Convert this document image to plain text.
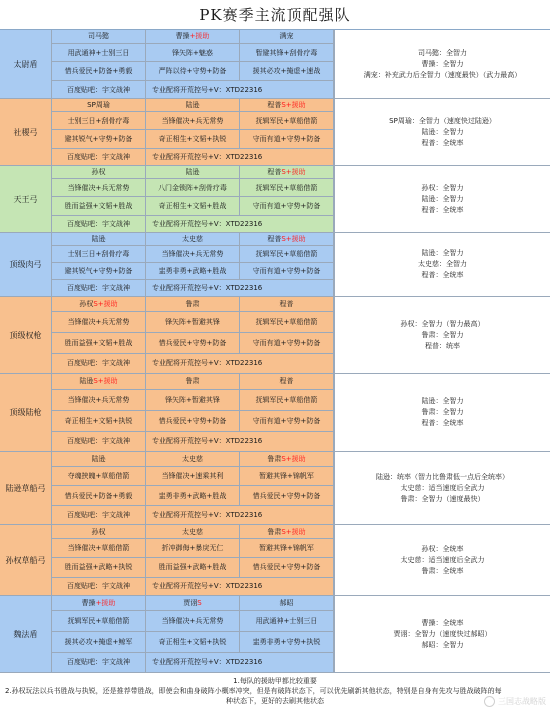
PK赛季主流顶配强队
太尉盾
司马懿	曹操 +援助	满宠
用武通神+士别三日	锋矢阵+魅惑	暂避其锋+刮骨疗毒
惜兵爱民+防备+勇毅	严阵以待+守势+防备	援其必攻+掩虚+速战
百度贴吧：宇文战神	专业配将开荒控号+V：XTD22316
司马懿：全智力
曹操：全智力
满宠：补充武力后全智力（速度最快）（武力最高）
社稷弓
SP周瑜	陆逊	程普 S+援助
士别三日+刮骨疗毒	当锋催决+兵无常势	抚辑军民+草船借箭
避其锐气+守势+防备	奇正相生+文韬+执锐	守而有道+守势+防备
百度贴吧：宇文战神	专业配将开荒控号+V：XTD22316
SP周瑜：全智力（速度快过陆逊）
陆逊：全智力
程普：全统率
天王弓
孙权	陆逊	程普 S+援助
当锋催决+兵无常势	八门金锁阵+刮骨疗毒	抚辑军民+草船借箭
胜而益强+文韬+胜战	奇正相生+文韬+胜战	守而有道+守势+防备
百度贴吧：宇文战神	专业配将开荒控号+V：XTD22316
孙权：全智力
陆逊：全智力
程普：全统率
顶级肉弓
陆逊	太史慈	程普 S+援助
士别三日+刮骨疗毒	当锋催决+兵无常势	抚辑军民+草船借箭
避其锐气+守势+防备	盅勇非勇+武略+胜战	守而有道+守势+防备
百度贴吧：宇文战神	专业配将开荒控号+V：XTD22316
陆逊：全智力
太史慈：全智力
程普：全统率
顶级权枪
孙权 S+援助	鲁肃	程普
当锋催决+兵无常势	锋矢阵+暂避其锋	抚辑军民+草船借箭
胜而益强+文韬+胜战	惜兵爱民+守势+防备	守而有道+守势+防备
百度贴吧：宇文战神	专业配将开荒控号+V：XTD22316
孙权：全智力（智力最高）
鲁肃：全智力
程普：统率
顶级陆枪
陆逊 S+援助	鲁肃	程普
当锋催决+兵无常势	锋矢阵+暂避其锋	抚辑军民+草船借箭
奇正相生+文韬+执锐	惜兵爱民+守势+防备	守而有道+守势+防备
百度贴吧：宇文战神	专业配将开荒控号+V：XTD22316
陆逊：全智力
鲁肃：全智力
程普：全统率
陆逊草船弓
陆逊	太史慈	鲁肃 S+援助
夺魂挟魄+草船借箭	当锋催决+速乘其利	暂避其锋+锦帆军
惜兵爱民+防备+勇毅	盅勇非勇+武略+胜战	惜兵爱民+守势+防备
百度贴吧：宇文战神	专业配将开荒控号+V：XTD22316
陆逊：统率（智力比鲁肃低一点后全统率）
太史慈：适当速度后全武力
鲁肃：全智力（速度最快）
孙权草船弓
孙权	太史慈	鲁肃 S+援助
当锋催决+草船借箭	折冲御侮+暴戾无仁	暂避其锋+锦帆军
胜而益强+武略+执锐	胜而益强+武略+胜战	惜兵爱民+守势+防备
百度贴吧：宇文战神	专业配将开荒控号+V：XTD22316
孙权：全统率
太史慈：适当速度后全武力
鲁肃：全统率
魏法盾
曹操 +援助	贾诩 S	郝昭
抚辑军民+草船借箭	当锋催决+兵无常势	用武通神+士别三日
援其必攻+掩虚+鲸军	奇正相生+文韬+执锐	盅勇非勇+守势+执锐
百度贴吧：宇文战神	专业配将开荒控号+V：XTD22316
曹操：全统率
贾诩：全智力（速度快过郝昭）
郝昭：全智力
1.每队的援助甲都比较重要
2.孙权玩法以兵书胜战与执锐，还是推荐带胜战，即使会和曲身破阵小概率冲突，但是有破阵状态下，可以优先刷新其他状态，特别是自身有先攻与胜战破阵的每
种状态下，更好的去刷其他状态	三国志战略版
